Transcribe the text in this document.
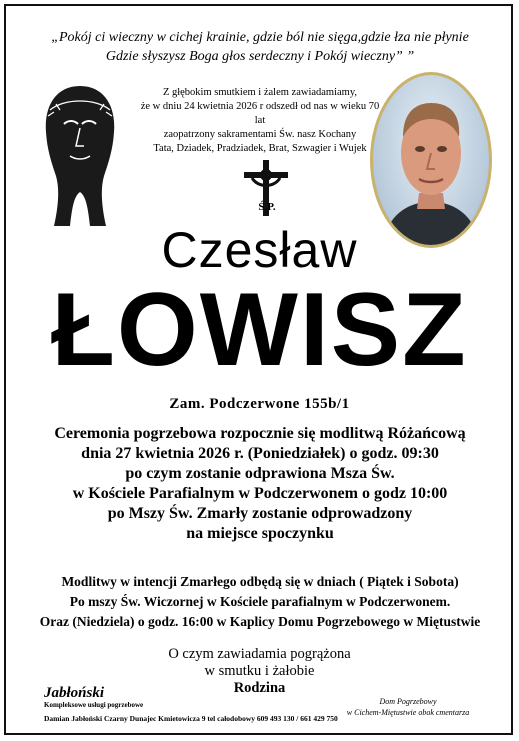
„Pokój ci wieczny w cichej krainie, gdzie ból nie sięga,gdzie łza nie płynie
Gdzie słyszysz Boga głos serdeczny i Pokój wieczny” ”
Z głębokim smutkiem i żalem zawiadamiamy,
że w dniu 24 kwietnia 2026 r odszedł od nas w wieku 70 lat
zaopatrzony sakramentami Św. nasz Kochany
Tata, Dziadek, Pradziadek, Brat, Szwagier i Wujek
Ś.P.
Czesław
ŁOWISZ
Zam. Podczerwone 155b/1
Ceremonia pogrzebowa rozpocznie się modlitwą Różańcową
dnia 27 kwietnia 2026 r. (Poniedziałek) o godz. 09:30
po czym zostanie odprawiona Msza Św.
w Kościele Parafialnym w Podczerwonem o godz 10:00
po Mszy Św. Zmarły zostanie odprowadzony
na miejsce spoczynku
Modlitwy w intencji Zmarłego odbędą się w dniach ( Piątek i Sobota)
Po mszy Św. Wiczornej w Kościele parafialnym w Podczerwonem.
Oraz (Niedziela) o godz. 16:00 w Kaplicy Domu Pogrzebowego w Miętustwie
O czym zawiadamia pogrążona
w smutku i żałobie
Rodzina
Jabłoński
Kompleksowe usługi pogrzebowe
Damian Jabłoński Czarny Dunajec Kmietowicza 9 tel całodobowy 609 493 130 / 661 429 750
Dom Pogrzebowy
w Cichem-Miętustwie obok cmentarza
